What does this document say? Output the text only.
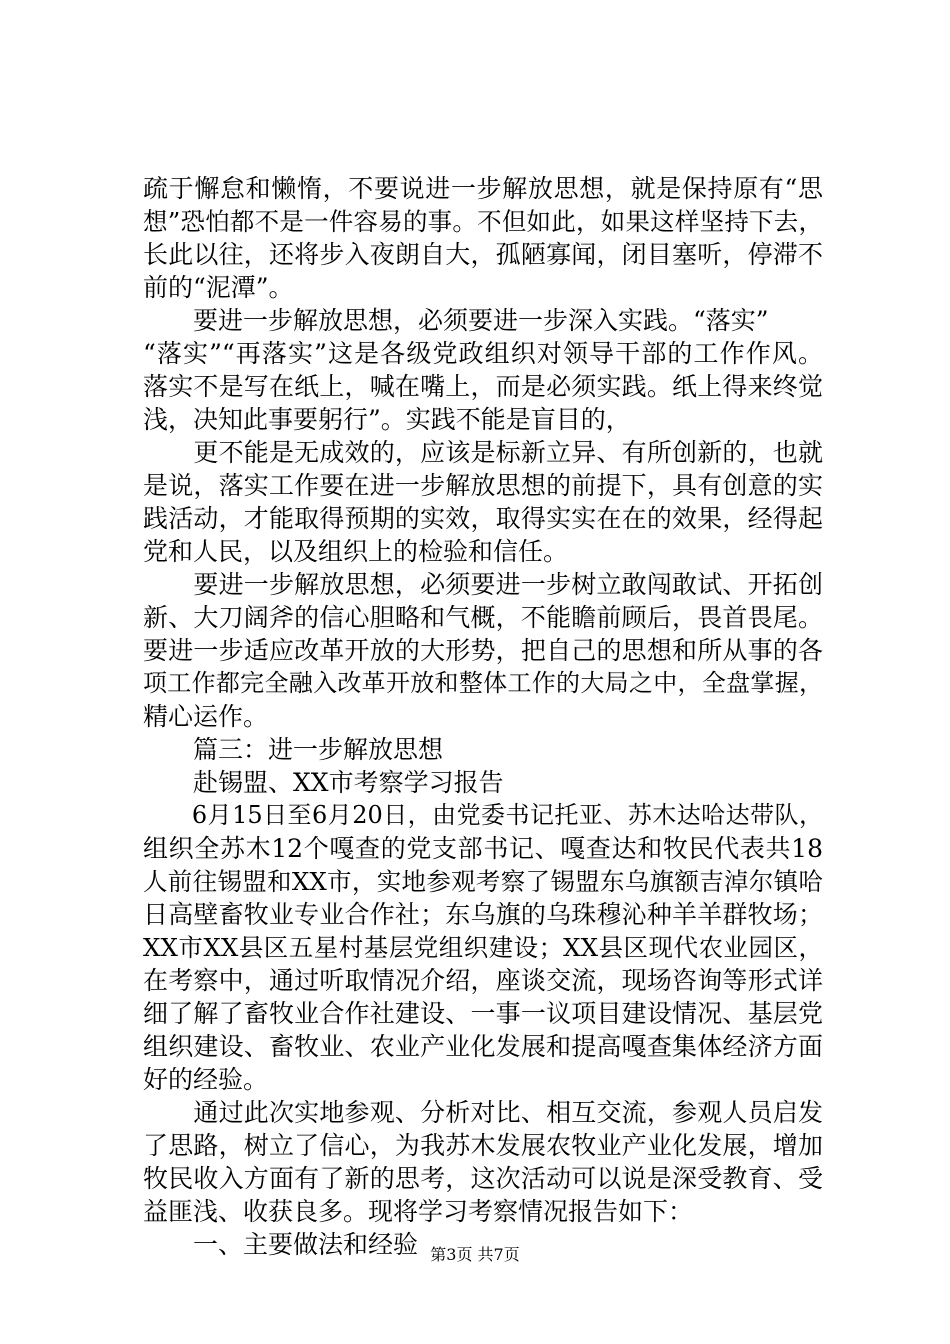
疏于懈怠和懒惰，不要说进一步解放思想，就是保持原有“思
想”恐怕都不是一件容易的事。不但如此，如果这样坚持下去，
长此以往，还将步入夜朗自大，孤陋寡闻，闭目塞听，停滞不
前的“泥潭”。
　　要进一步解放思想，必须要进一步深入实践。“落实”
“落实”“再落实”这是各级党政组织对领导干部的工作作风。
落实不是写在纸上，喊在嘴上，而是必须实践。纸上得来终觉
浅，决知此事要躬行”。实践不能是盲目的，
　　更不能是无成效的，应该是标新立异、有所创新的，也就
是说，落实工作要在进一步解放思想的前提下，具有创意的实
践活动，才能取得预期的实效，取得实实在在的效果，经得起
党和人民，以及组织上的检验和信任。
　　要进一步解放思想，必须要进一步树立敢闯敢试、开拓创
新、大刀阔斧的信心胆略和气概，不能瞻前顾后，畏首畏尾。
要进一步适应改革开放的大形势，把自己的思想和所从事的各
项工作都完全融入改革开放和整体工作的大局之中，全盘掌握，
精心运作。
　　篇三：进一步解放思想
　　赴锡盟、XX市考察学习报告
　　6月15日至6月20日，由党委书记托亚、苏木达哈达带队，
组织全苏木12个嘎查的党支部书记、嘎查达和牧民代表共18
人前往锡盟和XX市，实地参观考察了锡盟东乌旗额吉淖尔镇哈
日高壁畜牧业专业合作社；东乌旗的乌珠穆沁种羊羊群牧场；
XX市XX县区五星村基层党组织建设；XX县区现代农业园区，
在考察中，通过听取情况介绍，座谈交流，现场咨询等形式详
细了解了畜牧业合作社建设、一事一议项目建设情况、基层党
组织建设、畜牧业、农业产业化发展和提高嘎查集体经济方面
好的经验。
　　通过此次实地参观、分析对比、相互交流，参观人员启发
了思路，树立了信心，为我苏木发展农牧业产业化发展，增加
牧民收入方面有了新的思考，这次活动可以说是深受教育、受
益匪浅、收获良多。现将学习考察情况报告如下：
　　一、主要做法和经验 第3页 共7页
